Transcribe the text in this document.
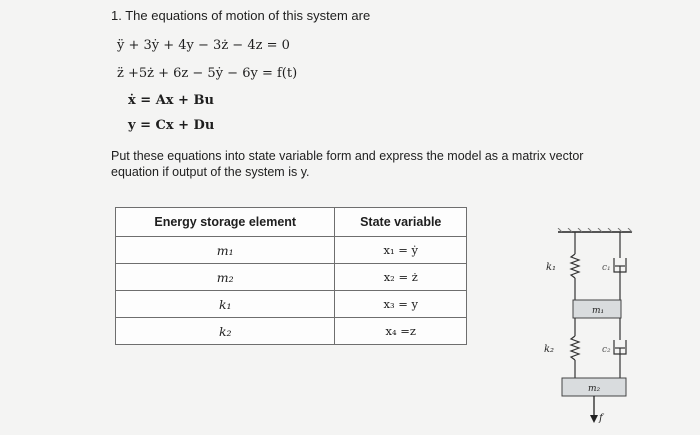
1. The equations of motion of this system are
ÿ + 3ẏ + 4y − 3ż − 4z = 0
z̈ +5ż + 6z − 5ẏ − 6y = f(t)
ẋ = Ax + Bu
y = Cx + Du
Put these equations into state variable form and express the model as a matrix vector
equation if output of the system is y.
Energy storage element	State variable
m₁	x₁ = ẏ
m₂	x₂ = ż
k₁	x₃ = y
k₂	x₄ =z
k₁	c₁
m₁
k₂	c₂
m₂
f
